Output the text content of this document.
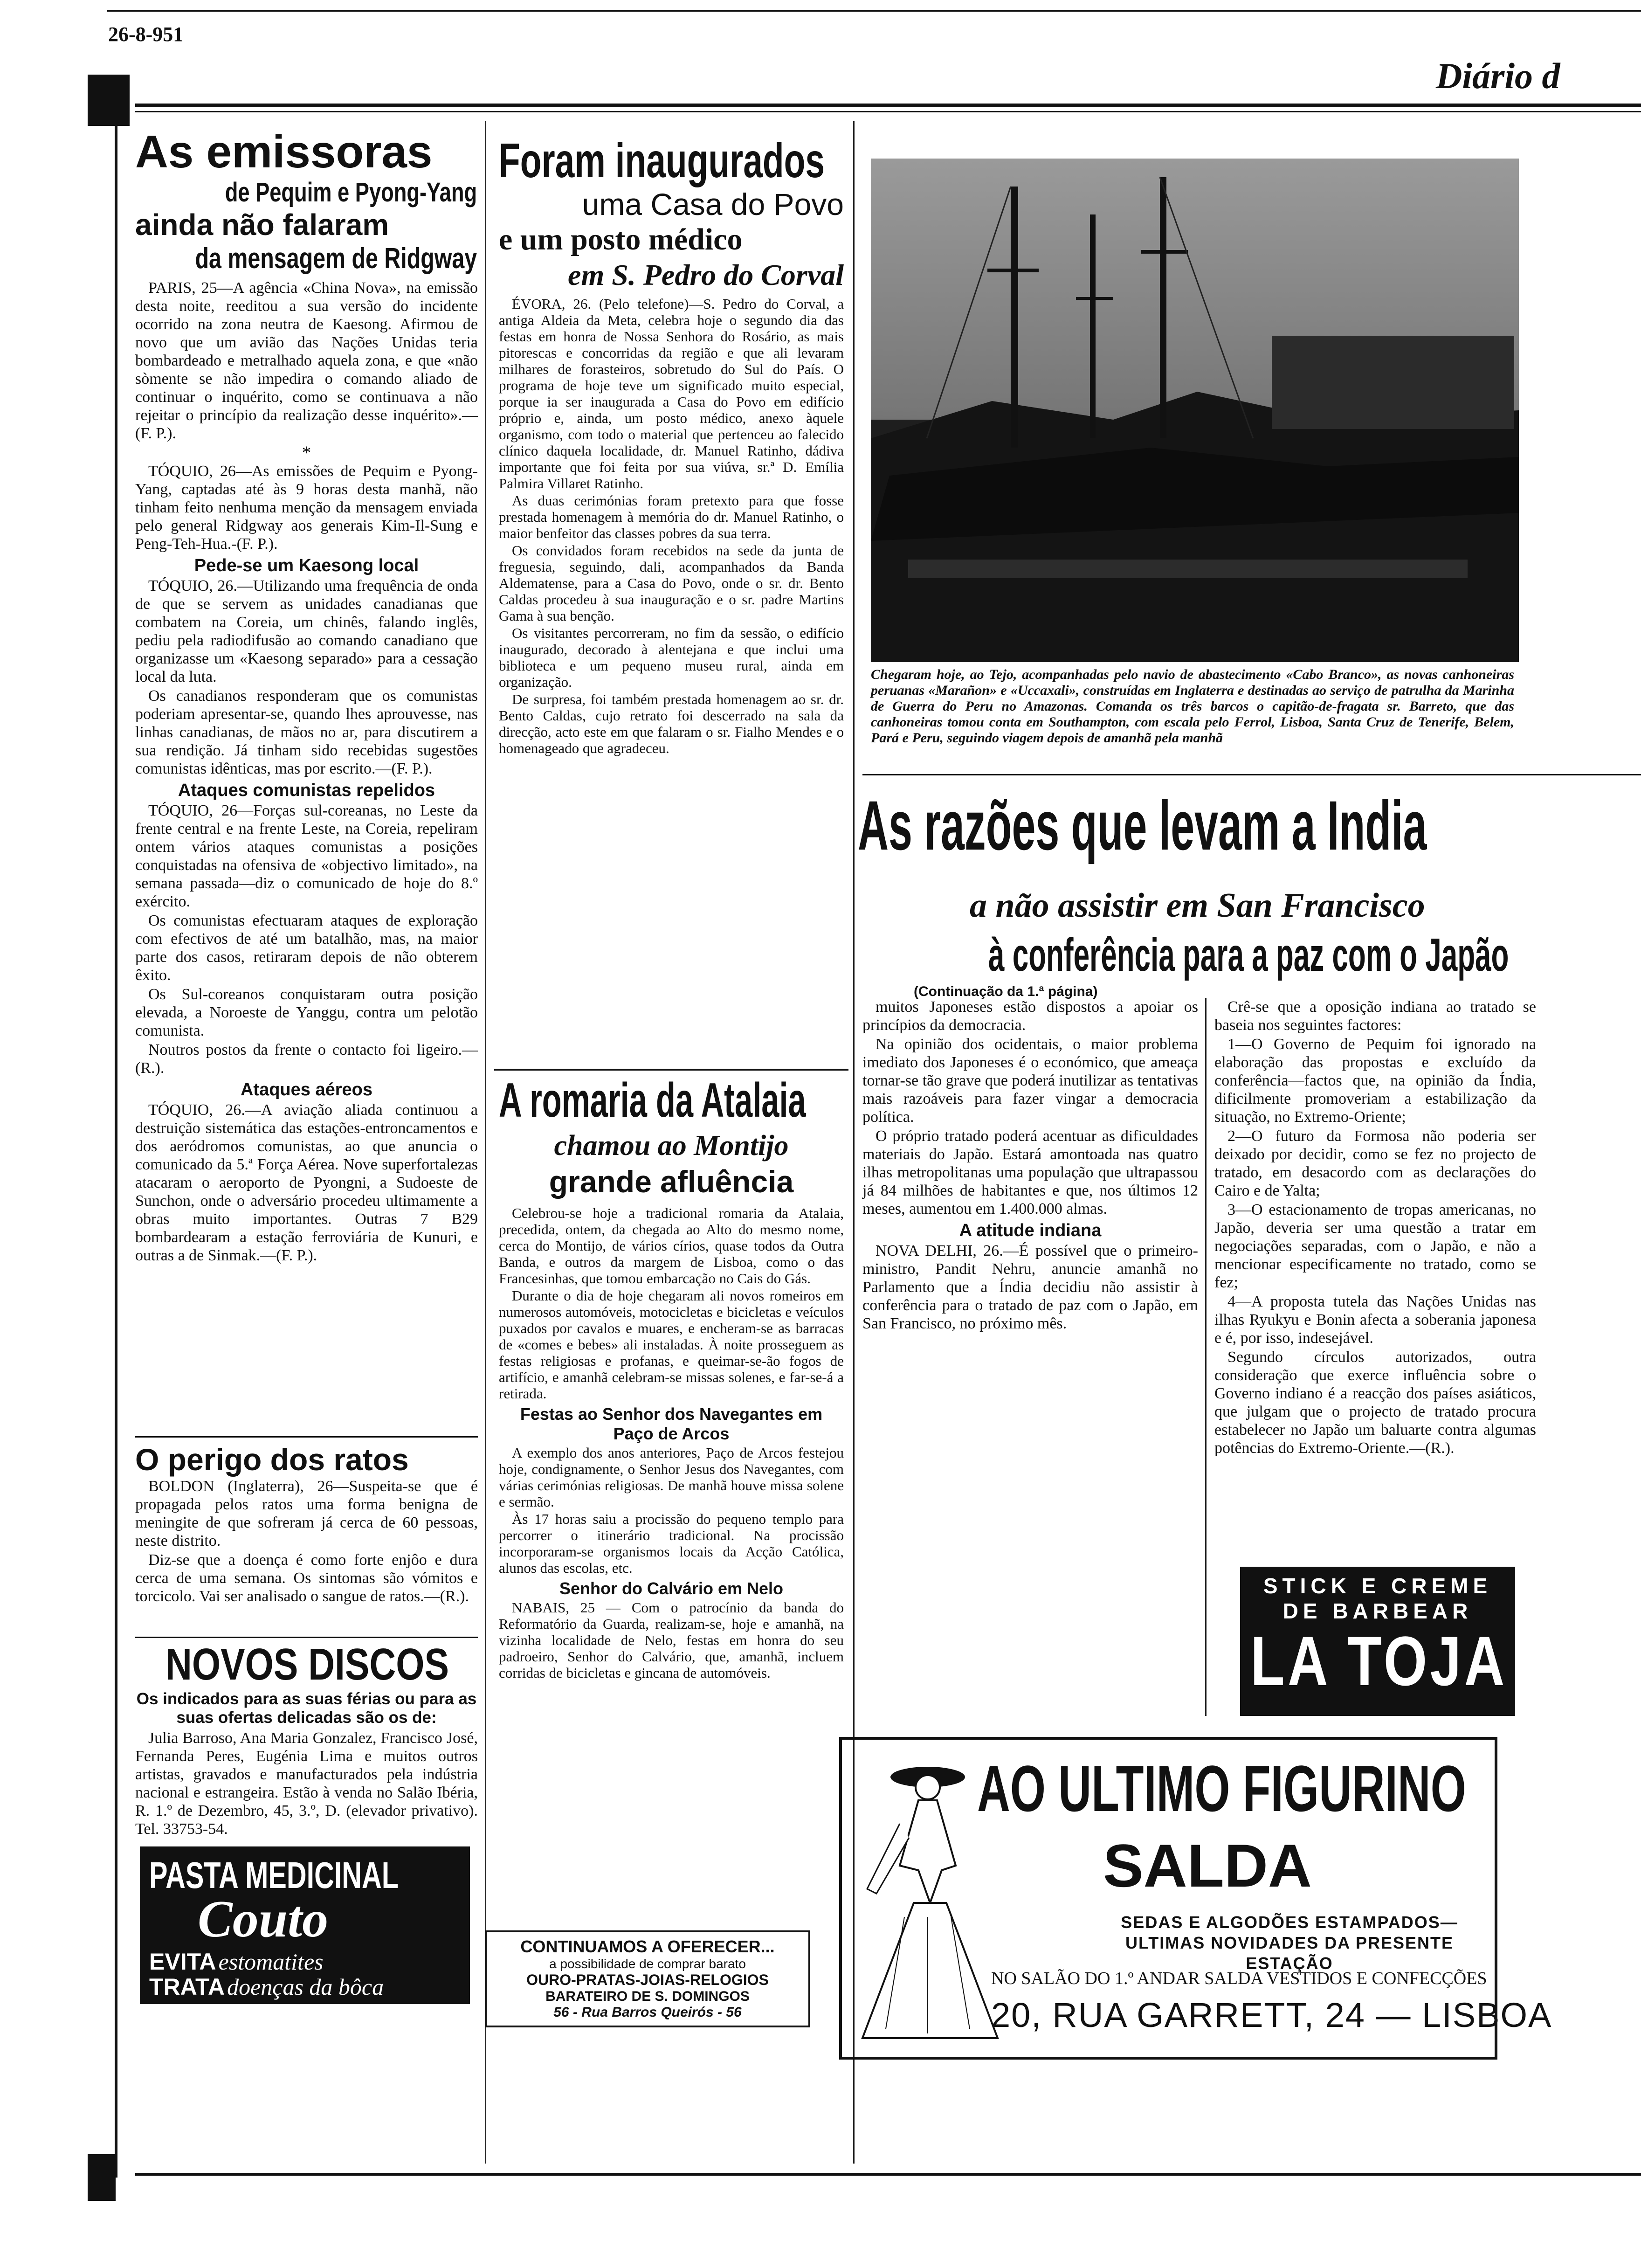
26-8-951
Diário d
As emissoras
de Pequim e Pyong-Yang
ainda não falaram
da mensagem de Ridgway

PARIS, 25—A agência «China Nova», na emissão desta noite, reeditou a sua versão do incidente ocorrido na zona neutra de Kaesong. Afirmou de novo que um avião das Nações Unidas teria bombardeado e metralhado aquela zona, e que «não sòmente se não impedira o comando aliado de continuar o inquérito, como se continuava a não rejeitar o princípio da realização desse inquérito».—(F. P.).

*

TÓQUIO, 26—As emissões de Pequim e Pyong-Yang, captadas até às 9 horas desta manhã, não tinham feito nenhuma menção da mensagem enviada pelo general Ridgway aos generais Kim-Il-Sung e Peng-Teh-Hua.-(F. P.).

Pede-se um Kaesong local

TÓQUIO, 26.—Utilizando uma frequência de onda de que se servem as unidades canadianas que combatem na Coreia, um chinês, falando inglês, pediu pela radiodifusão ao comando canadiano que organizasse um «Kaesong separado» para a cessação local da luta.

Os canadianos responderam que os comunistas poderiam apresentar-se, quando lhes aprouvesse, nas linhas canadianas, de mãos no ar, para discutirem a sua rendição. Já tinham sido recebidas sugestões comunistas idênticas, mas por escrito.—(F. P.).

Ataques comunistas repelidos

TÓQUIO, 26—Forças sul-coreanas, no Leste da frente central e na frente Leste, na Coreia, repeliram ontem vários ataques comunistas a posições conquistadas na ofensiva de «objectivo limitado», na semana passada—diz o comunicado de hoje do 8.º exército.

Os comunistas efectuaram ataques de exploração com efectivos de até um batalhão, mas, na maior parte dos casos, retiraram depois de não obterem êxito.

Os Sul-coreanos conquistaram outra posição elevada, a Noroeste de Yanggu, contra um pelotão comunista.

Noutros postos da frente o contacto foi ligeiro.—(R.).

Ataques aéreos

TÓQUIO, 26.—A aviação aliada continuou a destruição sistemática das estações-entroncamentos e dos aeródromos comunistas, ao que anuncia o comunicado da 5.ª Força Aérea. Nove superfortalezas atacaram o aeroporto de Pyongni, a Sudoeste de Sunchon, onde o adversário procedeu ultimamente a obras muito importantes. Outras 7 B29 bombardearam a estação ferroviária de Kunuri, e outras a de Sinmak.—(F. P.).

O perigo dos ratos

BOLDON (Inglaterra), 26—Suspeita-se que é propagada pelos ratos uma forma benigna de meningite de que sofreram já cerca de 60 pessoas, neste distrito.

Diz-se que a doença é como forte enjôo e dura cerca de uma semana. Os sintomas são vómitos e torcicolo. Vai ser analisado o sangue de ratos.—(R.).

NOVOS DISCOS
Os indicados para as suas férias ou para as suas ofertas delicadas são os de:

Julia Barroso, Ana Maria Gonzalez, Francisco José, Fernanda Peres, Eugénia Lima e muitos outros artistas, gravados e manufacturados pela indústria nacional e estrangeira. Estão à venda no Salão Ibéria, R. 1.º de Dezembro, 45, 3.º, D. (elevador privativo). Tel. 33753-54.

PASTA MEDICINAL
Couto
EVITA estomatites
TRATA doenças da bôca
Foram inaugurados
uma Casa do Povo
e um posto médico
em S. Pedro do Corval

ÉVORA, 26. (Pelo telefone)—S. Pedro do Corval, a antiga Aldeia da Meta, celebra hoje o segundo dia das festas em honra de Nossa Senhora do Rosário, as mais pitorescas e concorridas da região e que ali levaram milhares de forasteiros, sobretudo do Sul do País. O programa de hoje teve um significado muito especial, porque ia ser inaugurada a Casa do Povo em edifício próprio e, ainda, um posto médico, anexo àquele organismo, com todo o material que pertenceu ao falecido clínico daquela localidade, dr. Manuel Ratinho, dádiva importante que foi feita por sua viúva, sr.ª D. Emília Palmira Villaret Ratinho.

As duas cerimónias foram pretexto para que fosse prestada homenagem à memória do dr. Manuel Ratinho, o maior benfeitor das classes pobres da sua terra.

Os convidados foram recebidos na sede da junta de freguesia, seguindo, dali, acompanhados da Banda Aldematense, para a Casa do Povo, onde o sr. dr. Bento Caldas procedeu à sua inauguração e o sr. padre Martins Gama à sua benção.

Os visitantes percorreram, no fim da sessão, o edifício inaugurado, decorado à alentejana e que inclui uma biblioteca e um pequeno museu rural, ainda em organização.

De surpresa, foi também prestada homenagem ao sr. dr. Bento Caldas, cujo retrato foi descerrado na sala da direcção, acto este em que falaram o sr. Fialho Mendes e o homenageado que agradeceu.

A romaria da Atalaia
chamou ao Montijo
grande afluência

Celebrou-se hoje a tradicional romaria da Atalaia, precedida, ontem, da chegada ao Alto do mesmo nome, cerca do Montijo, de vários círios, quase todos da Outra Banda, e outros da margem de Lisboa, como o das Francesinhas, que tomou embarcação no Cais do Gás.

Durante o dia de hoje chegaram ali novos romeiros em numerosos automóveis, motocicletas e bicicletas e veículos puxados por cavalos e muares, e encheram-se as barracas de «comes e bebes» ali instaladas. À noite prosseguem as festas religiosas e profanas, e queimar-se-ão fogos de artifício, e amanhã celebram-se missas solenes, e far-se-á a retirada.

Festas ao Senhor dos Navegantes em Paço de Arcos

A exemplo dos anos anteriores, Paço de Arcos festejou hoje, condignamente, o Senhor Jesus dos Navegantes, com várias cerimónias religiosas. De manhã houve missa solene e sermão.

Às 17 horas saiu a procissão do pequeno templo para percorrer o itinerário tradicional. Na procissão incorporaram-se organismos locais da Acção Católica, alunos das escolas, etc.

Senhor do Calvário em Nelo

NABAIS, 25 — Com o patrocínio da banda do Reformatório da Guarda, realizam-se, hoje e amanhã, na vizinha localidade de Nelo, festas em honra do seu padroeiro, Senhor do Calvário, que, amanhã, incluem corridas de bicicletas e gincana de automóveis.

CONTINUAMOS A OFERECER...
a possibilidade de comprar barato
OURO-PRATAS-JOIAS-RELOGIOS
BARATEIRO DE S. DOMINGOS
56 - Rua Barros Queirós - 56
Chegaram hoje, ao Tejo, acompanhadas pelo navio de abastecimento «Cabo Branco», as novas canhoneiras peruanas «Marañon» e «Uccaxali», construídas em Inglaterra e destinadas ao serviço de patrulha da Marinha de Guerra do Peru no Amazonas. Comanda os três barcos o capitão-de-fragata sr. Barreto, que das canhoneiras tomou conta em Southampton, com escala pelo Ferrol, Lisboa, Santa Cruz de Tenerife, Belem, Pará e Peru, seguindo viagem depois de amanhã pela manhã
As razões que levam a India
a não assistir em San Francisco
à conferência para a paz com o Japão
(Continuação da 1.ª página)

muitos Japoneses estão dispostos a apoiar os princípios da democracia.

Na opinião dos ocidentais, o maior problema imediato dos Japoneses é o económico, que ameaça tornar-se tão grave que poderá inutilizar as tentativas mais razoáveis para fazer vingar a democracia política.

O próprio tratado poderá acentuar as dificuldades materiais do Japão. Estará amontoada nas quatro ilhas metropolitanas uma população que ultrapassou já 84 milhões de habitantes e que, nos últimos 12 meses, aumentou em 1.400.000 almas.

A atitude indiana

NOVA DELHI, 26.—É possível que o primeiro-ministro, Pandit Nehru, anuncie amanhã no Parlamento que a Índia decidiu não assistir à conferência para o tratado de paz com o Japão, em San Francisco, no próximo mês.

Crê-se que a oposição indiana ao tratado se baseia nos seguintes factores:

1—O Governo de Pequim foi ignorado na elaboração das propostas e excluído da conferência—factos que, na opinião da Índia, dificilmente promoveriam a estabilização da situação, no Extremo-Oriente;

2—O futuro da Formosa não poderia ser deixado por decidir, como se fez no projecto de tratado, em desacordo com as declarações do Cairo e de Yalta;

3—O estacionamento de tropas americanas, no Japão, deveria ser uma questão a tratar em negociações separadas, com o Japão, e não a mencionar especificamente no tratado, como se fez;

4—A proposta tutela das Nações Unidas nas ilhas Ryukyu e Bonin afecta a soberania japonesa e é, por isso, indesejável.

Segundo círculos autorizados, outra consideração que exerce influência sobre o Governo indiano é a reacção dos países asiáticos, que julgam que o projecto de tratado procura estabelecer no Japão um baluarte contra algumas potências do Extremo-Oriente.—(R.).

STICK E CREME
DE BARBEAR
LA TOJA
AO ULTIMO FIGURINO
SALDA
SEDAS E ALGODÕES ESTAMPADOS—ULTIMAS NOVIDADES DA PRESENTE ESTAÇÃO
NO SALÃO DO 1.º ANDAR SALDA VESTIDOS E CONFECÇÕES
20, RUA GARRETT, 24 — LISBOA
